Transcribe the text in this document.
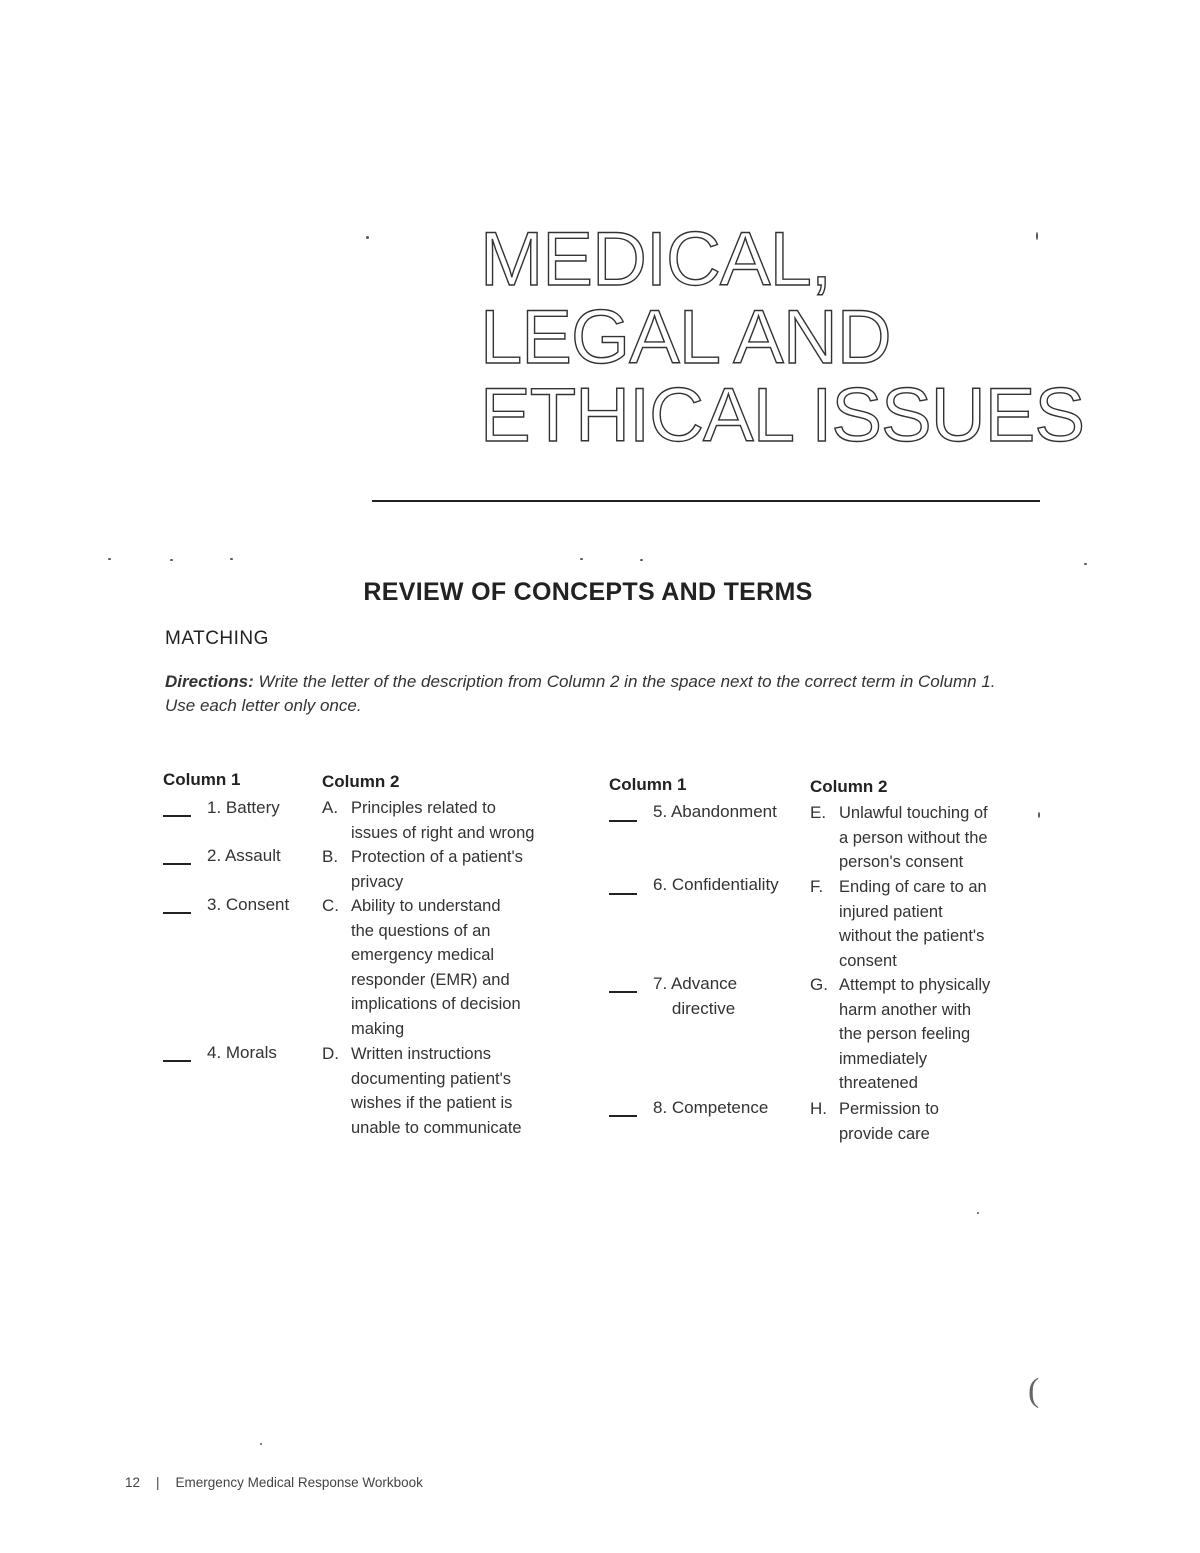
MEDICAL,
LEGAL AND
ETHICAL ISSUES
(
REVIEW OF CONCEPTS AND TERMS
MATCHING

Directions: Write the letter of the description from Column 2 in the space next to the correct term in Column 1. Use each letter only once.

Column 1	Column 2
1. Battery
2. Assault
3. Consent
4. Morals
A. Principles related to
issues of right and wrong
B. Protection of a patient's
privacy
C. Ability to understand
the questions of an
emergency medical
responder (EMR) and
implications of decision
making
D. Written instructions
documenting patient's
wishes if the patient is
unable to communicate
Column 1	Column 2
5. Abandonment
6. Confidentiality
7. Advance
directive
8. Competence
E. Unlawful touching of
a person without the
person's consent
F. Ending of care to an
injured patient
without the patient's
consent
G. Attempt to physically
harm another with
the person feeling
immediately
threatened
H. Permission to
provide care
12 | Emergency Medical Response Workbook
